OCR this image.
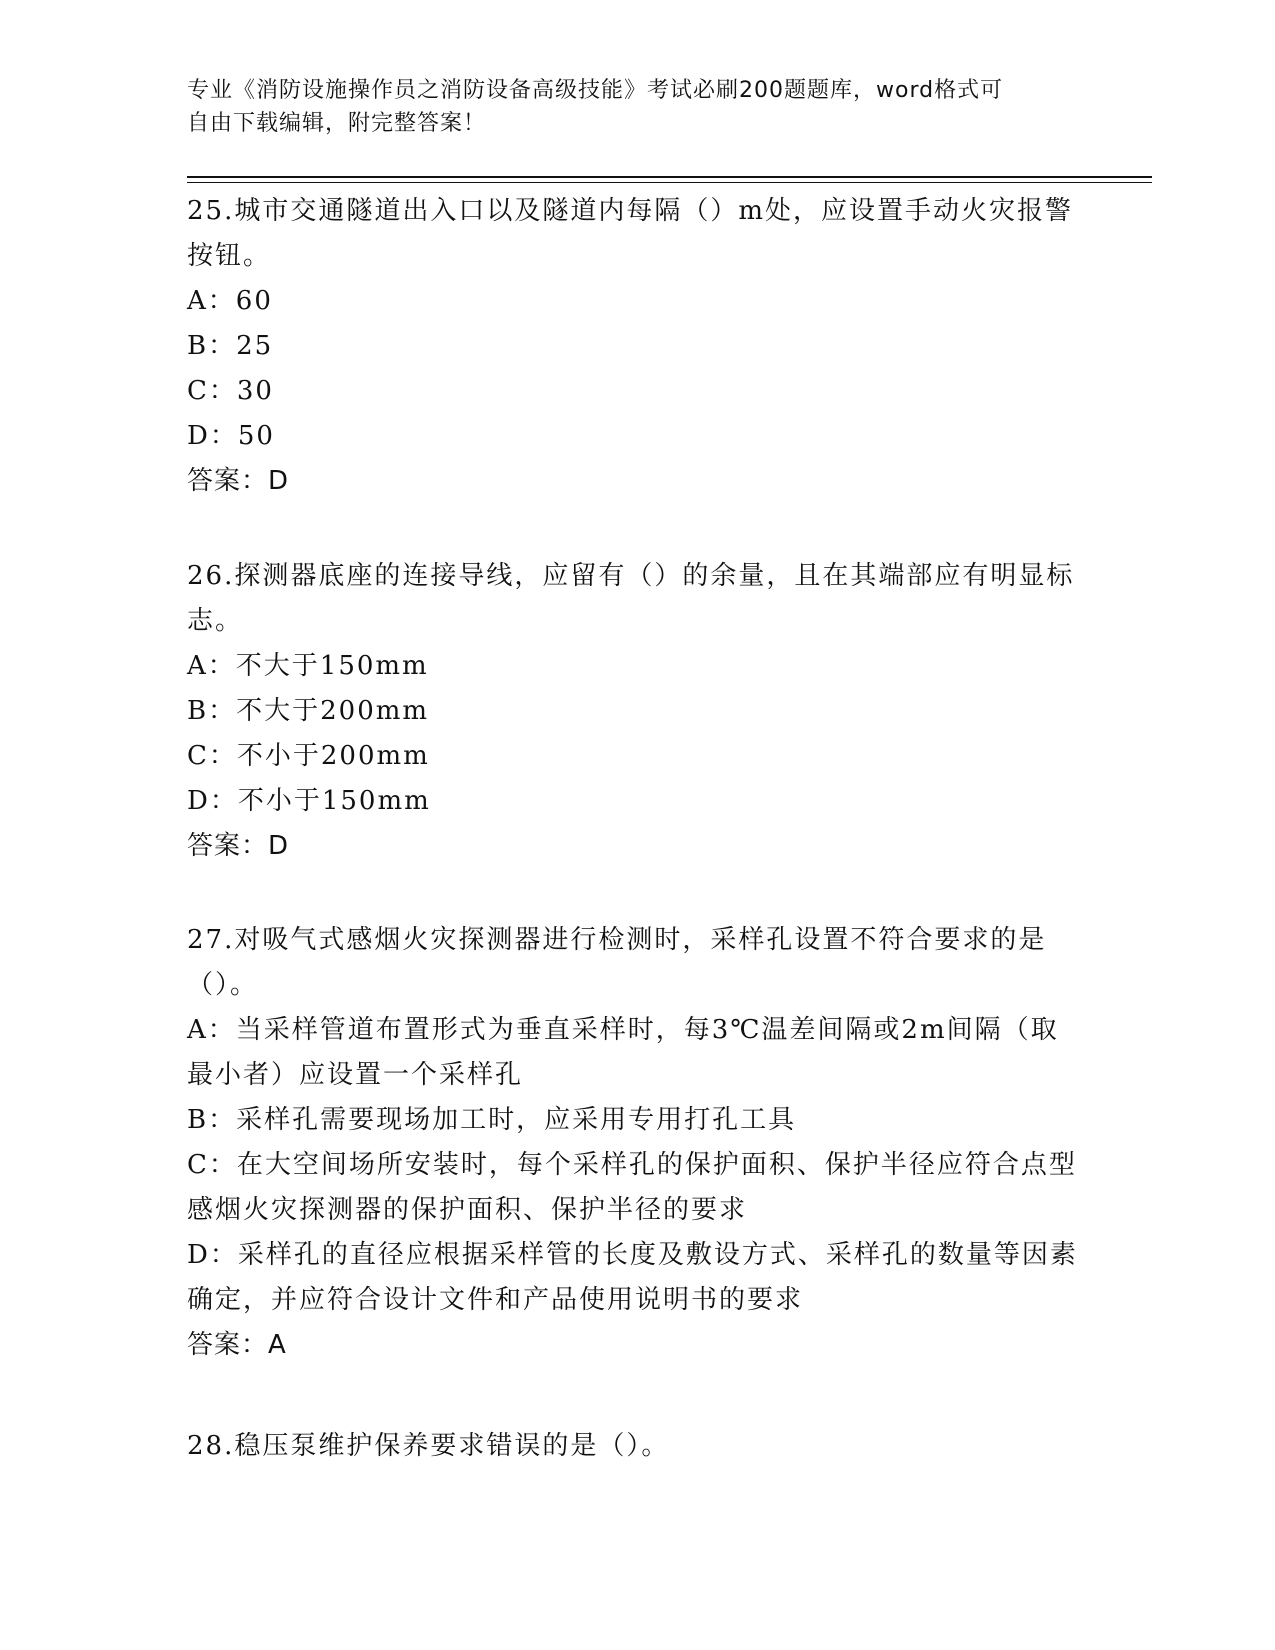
专业《消防设施操作员之消防设备高级技能》考试必刷200题题库，word格式可
自由下载编辑，附完整答案！

25.城市交通隧道出入口以及隧道内每隔（）m处，应设置手动火灾报警按钮。

A：60

B：25

C：30

D：50

答案：D

26.探测器底座的连接导线，应留有（）的余量，且在其端部应有明显标志。

A：不大于150mm

B：不大于200mm

C：不小于200mm

D：不小于150mm

答案：D

27.对吸气式感烟火灾探测器进行检测时，采样孔设置不符合要求的是（）。

A：当采样管道布置形式为垂直采样时，每3℃温差间隔或2m间隔（取最小者）应设置一个采样孔

B：采样孔需要现场加工时，应采用专用打孔工具

C：在大空间场所安装时，每个采样孔的保护面积、保护半径应符合点型感烟火灾探测器的保护面积、保护半径的要求

D：采样孔的直径应根据采样管的长度及敷设方式、采样孔的数量等因素确定，并应符合设计文件和产品使用说明书的要求

答案：A

28.稳压泵维护保养要求错误的是（）。
